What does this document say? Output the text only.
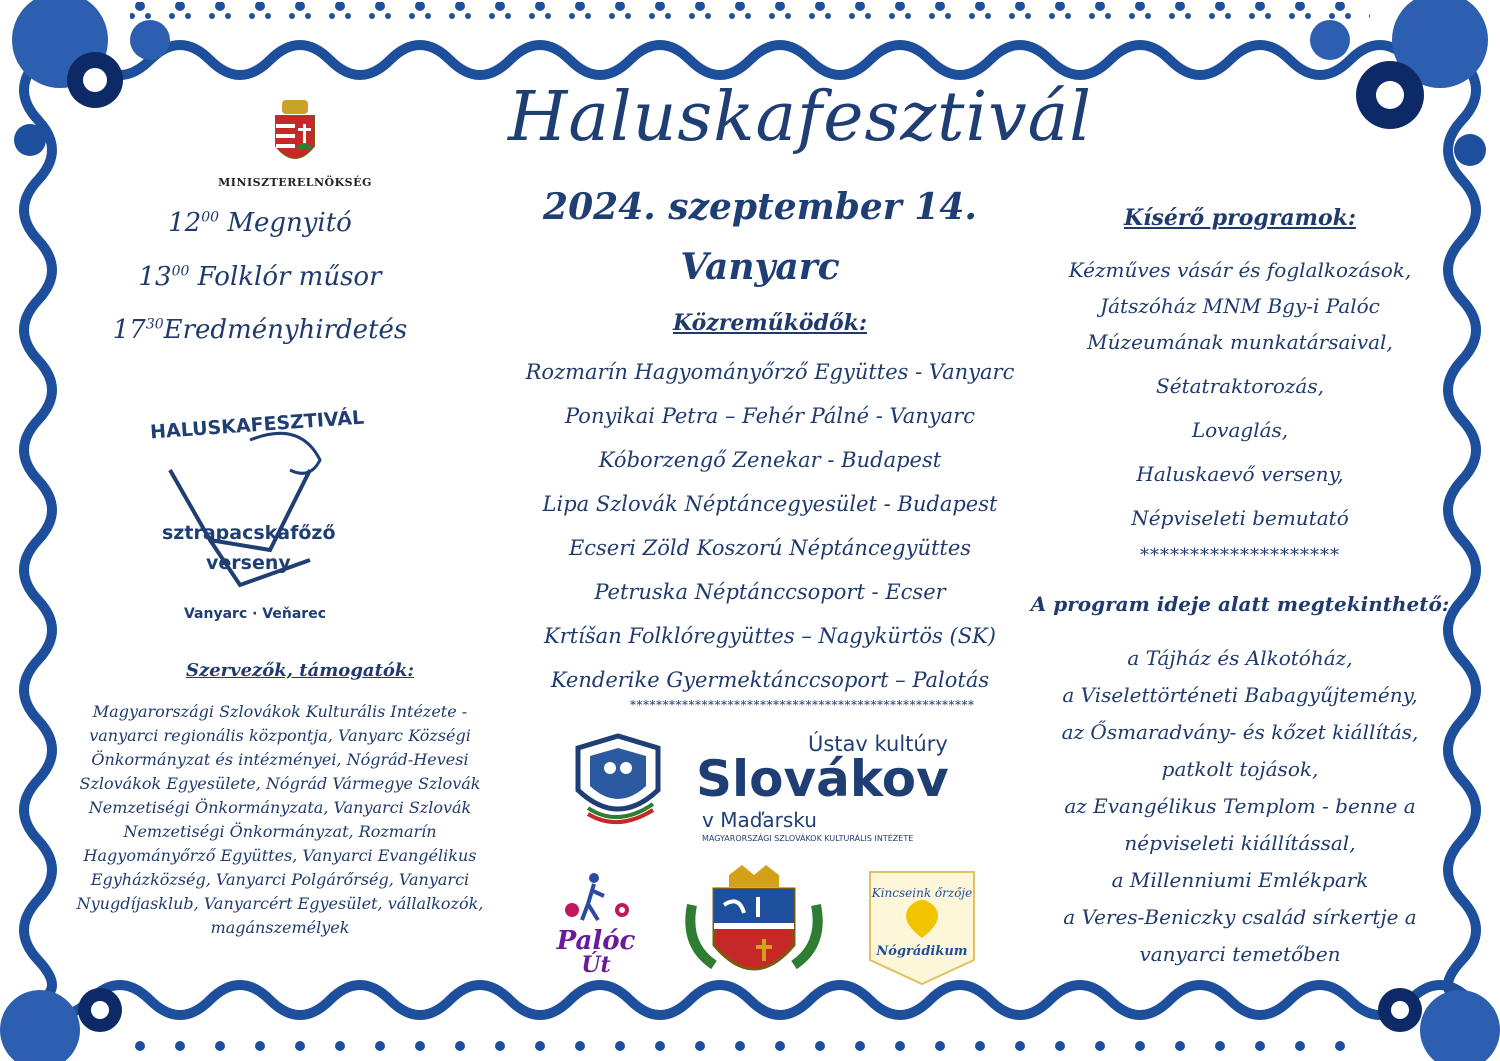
MINISZTERELNÖKSÉG
Haluskafesztivál
2024. szeptember 14.
Vanyarc
$12^{00}$ Megnyitó
$13^{00}$ Folklór műsor
$17^{30}Eredményhirdetés$
HALUSKAFESZTIVÁL
sztrapacskafőző
verseny
Vanyarc · Veňarec
Szervezők, támogatók:
Magyarországi Szlovákok Kulturális Intézete - vanyarci regionális központja, Vanyarc Községi Önkormányzat és intézményei, Nógrád-Hevesi Szlovákok Egyesülete, Nógrád Vármegye Szlovák Nemzetiségi Önkormányzata, Vanyarci Szlovák Nemzetiségi Önkormányzat, Rozmarín Hagyományőrző Együttes, Vanyarci Evangélikus Egyházközség, Vanyarci Polgárőrség, Vanyarci Nyugdíjasklub, Vanyarcért Egyesület, vállalkozók, magánszemélyek
Közreműködők:
Rozmarín Hagyományőrző Együttes - Vanyarc
Ponyikai Petra – Fehér Pálné - Vanyarc
Kóborzengő Zenekar - Budapest
Lipa Szlovák Néptáncegyesület - Budapest
Ecseri Zöld Koszorú Néptáncegyüttes
Petruska Néptánccsoport - Ecser
Krtíšan Folklóregyüttes – Nagykürtös (SK)
Kenderike Gyermektánccsoport – Palotás
*****************************************************
Ústav kultúry
Slovákov
v Maďarsku
MAGYARORSZÁGI SZLOVÁKOK KULTURÁLIS INTÉZETE
Palóc
Út
Kincseink őrzője
Nógrádikum
Kísérő programok:
Kézműves vásár és foglalkozások,
Játszóház MNM Bgy-i Palóc
Múzeumának munkatársaival,
Sétatraktorozás,
Lovaglás,
Haluskaevő verseny,
Népviseleti bemutató
********************
A program ideje alatt megtekinthető:
a Tájház és Alkotóház,
a Viselettörténeti Babagyűjtemény,
az Ősmaradvány- és kőzet kiállítás,
patkolt tojások,
az Evangélikus Templom - benne a
népviseleti kiállítással,
a Millenniumi Emlékpark
a Veres-Beniczky család sírkertje a
vanyarci temetőben
